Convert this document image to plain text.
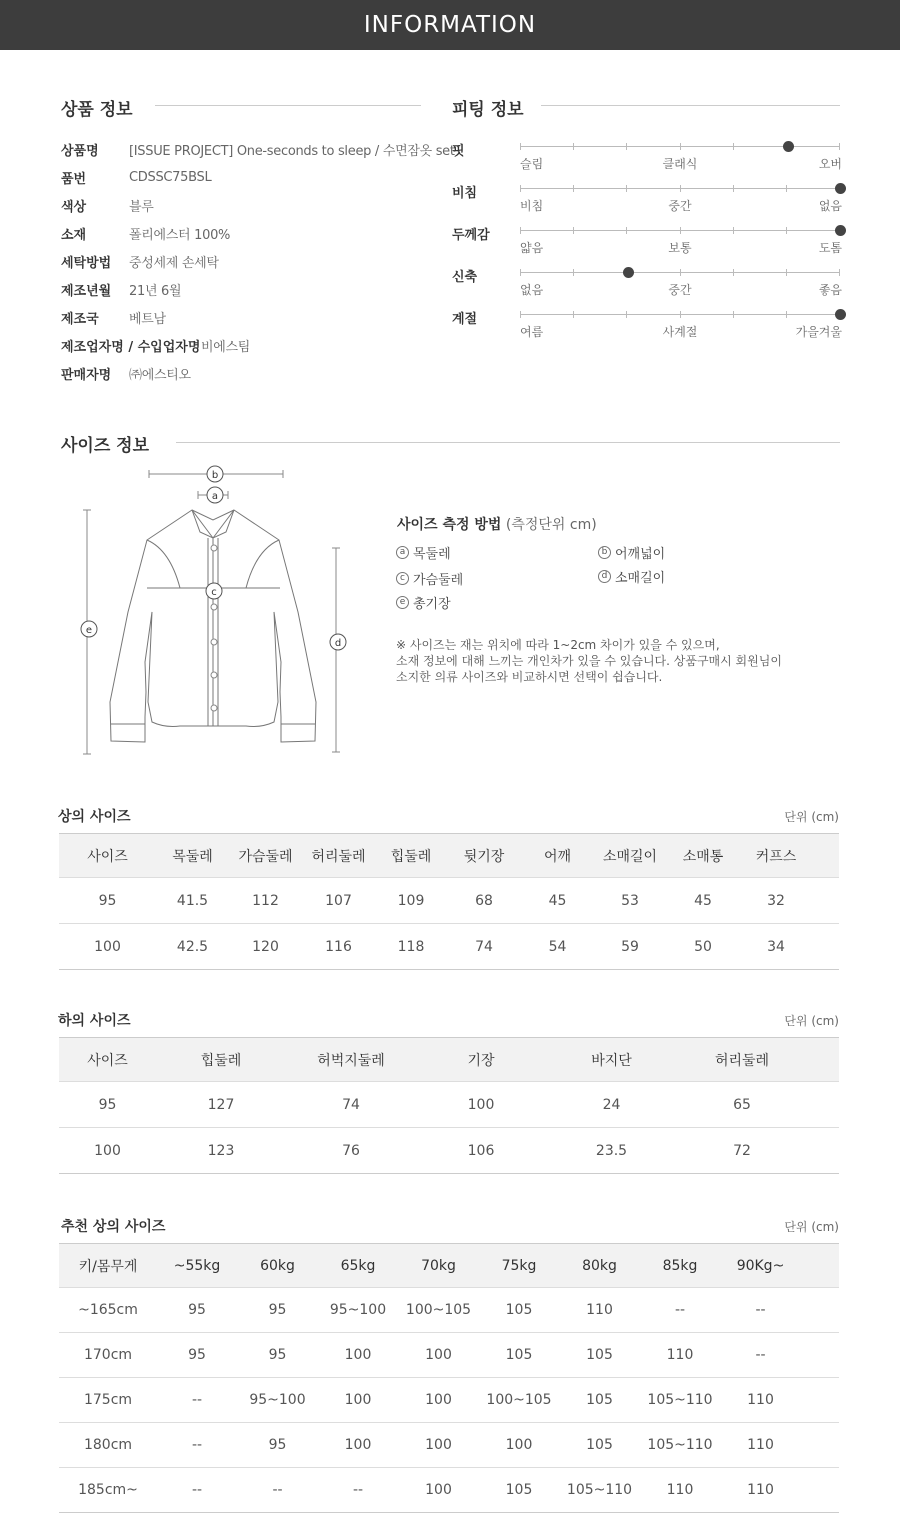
INFORMATION
상품 정보
상품명	[ISSUE PROJECT] One-seconds to sleep / 수면잠옷 set
품번	CDSSC75BSL
색상	블루
소재	폴리에스터 100%
세탁방법	중성세제 손세탁
제조년월	21년 6월
제조국	베트남
제조업자명 / 수입업자명 비에스팀
판매자명	㈜에스티오
피팅 정보
핏
슬림	클래식	오버
비침
비침	중간	없음
두께감
얇음	보통	도톰
신축
없음	중간	좋음
계절
여름	사계절	가을겨울
사이즈 정보
b
a
c
e
d
사이즈 측정 방법 (측정단위 cm)
a 목둘레	b 어깨넓이
c 가슴둘레	d 소매길이
e 총기장
※ 사이즈는 재는 위치에 따라 1~2cm 차이가 있을 수 있으며,
소재 정보에 대해 느끼는 개인차가 있을 수 있습니다. 상품구매시 회원님이
소지한 의류 사이즈와 비교하시면 선택이 쉽습니다.
상의 사이즈	단위 (cm)
사이즈	목둘레	가슴둘레	허리둘레	힙둘레	뒷기장	어깨	소매길이	소매통	커프스
95	41.5	112	107	109	68	45	53	45	32
100	42.5	120	116	118	74	54	59	50	34
하의 사이즈	단위 (cm)
사이즈	힙둘레	허벅지둘레	기장	바지단	허리둘레
95	127	74	100	24	65
100	123	76	106	23.5	72
추천 상의 사이즈	단위 (cm)
키/몸무게	~55kg	60kg	65kg	70kg	75kg	80kg	85kg	90Kg~
~165cm	95	95	95~100	100~105	105	110	--	--
170cm	95	95	100	100	105	105	110	--
175cm	--	95~100	100	100	100~105	105	105~110	110
180cm	--	95	100	100	100	105	105~110	110
185cm~	--	--	--	100	105	105~110	110	110
